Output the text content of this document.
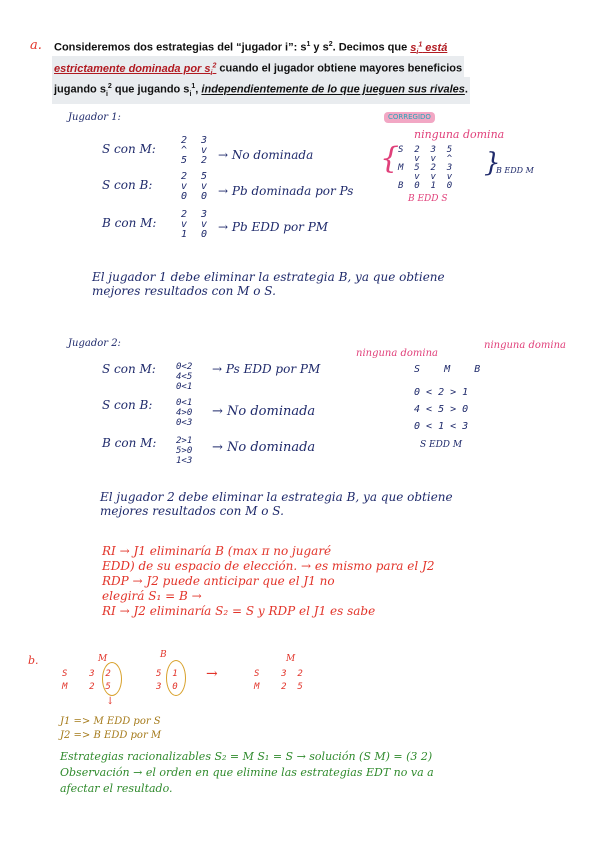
a. Consideremos dos estrategias del “jugador i”: $s^1$ y $s^2$. Decimos que $s_i^1$ está
estrictamente dominada por $s_i^2$ cuando el jugador obtiene mayores beneficios
jugando $s_i^2$ que jugando $s_i^1$, independientemente de lo que jueguen sus rivales.
Jugador 1:
S con M:
2
^
5
3
v
2 → No dominada
S con B:
2
v
0
5
v
0 → Pb dominada por Ps
B con M:
2
v
1
3
v
0
→ Pb EDD por PM
El jugador 1 debe eliminar la estrategia B, ya que obtiene
mejores resultados con M o S.
CORREGIDO
ninguna domina
{
S 2 3 5
v v ^
M 5 2 3
v v v
B 0 1 0
}
B EDD M
B EDD S
Jugador 2:
S con M: 0<2
4<5
0<1
→ Ps EDD por PM
S con B:	0<1
4>0
0<3
→ No dominada
B con M: 2>1
5>0
1<3
→ No dominada
El jugador 2 debe eliminar la estrategia B, ya que obtiene
mejores resultados con M o S.
ninguna domina
ninguna domina
S M B
0 < 2 > 1
4 < 5 > 0
0 < 1 < 3
S EDD M
RI → J1 eliminaría B (max π no jugaré
EDD) de su espacio de elección. → es mismo para el J2
RDP → J2 puede anticipar que el J1 no
elegirá S₁ = B →
RI → J2 eliminaría S₂ = S y RDP el J1 es sabe
b.	M
S 3 2
M 2 5
↓
B
5 1
3 0
→
M
S 3 2
M 2 5
J1 => M EDD por S
J2 => B EDD por M
Estrategias racionalizables S₂ = M S₁ = S → solución (S M) = (3 2)
Observación → el orden en que elimine las estrategias EDT no va a
afectar el resultado.
